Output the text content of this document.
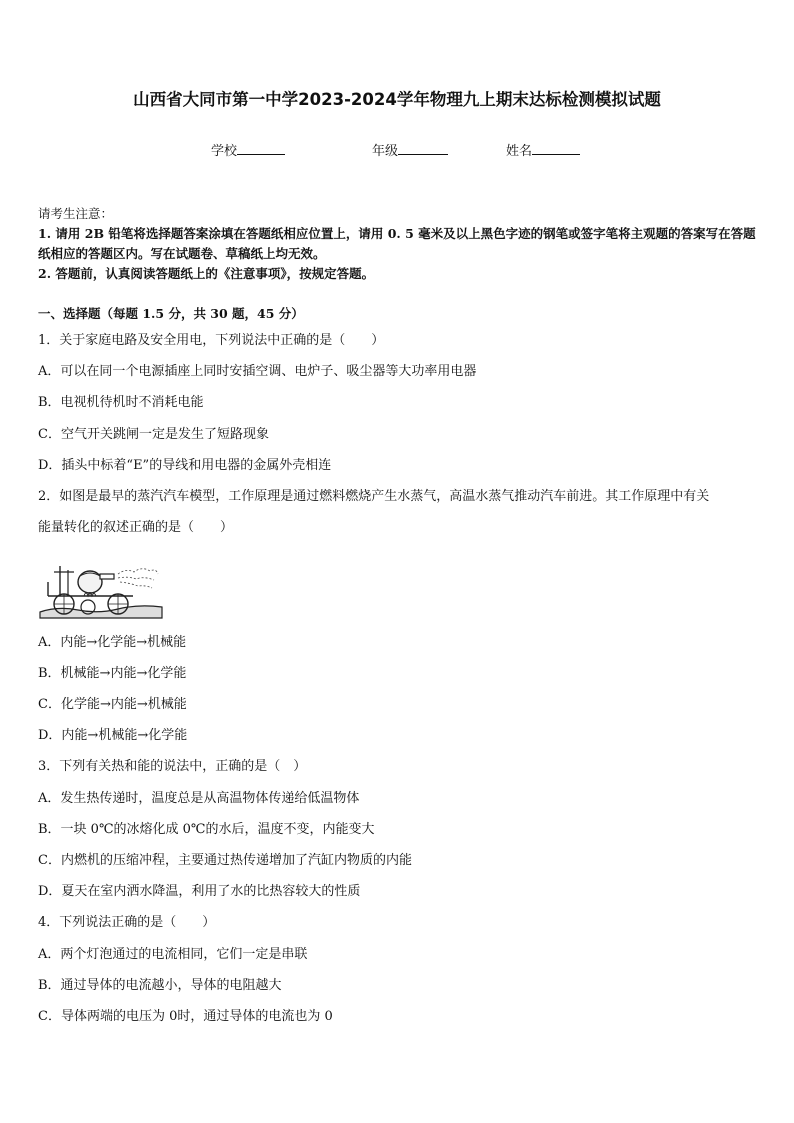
山西省大同市第一中学2023-2024学年物理九上期末达标检测模拟试题
学校	年级	姓名
请考生注意：
1. 请用 2B 铅笔将选择题答案涂填在答题纸相应位置上，请用 0. 5 毫米及以上黑色字迹的钢笔或签字笔将主观题的答案写在答题纸相应的答题区内。写在试题卷、草稿纸上均无效。
2. 答题前，认真阅读答题纸上的《注意事项》，按规定答题。
一、选择题（每题 1.5 分，共 30 题，45 分）
1．关于家庭电路及安全用电，下列说法中正确的是（　　）
A．可以在同一个电源插座上同时安插空调、电炉子、吸尘器等大功率用电器
B．电视机待机时不消耗电能
C．空气开关跳闸一定是发生了短路现象
D．插头中标着“E”的导线和用电器的金属外壳相连
2．如图是最早的蒸汽汽车模型，工作原理是通过燃料燃烧产生水蒸气，高温水蒸气推动汽车前进。其工作原理中有关
能量转化的叙述正确的是（　　）
A．内能→化学能→机械能
B．机械能→内能→化学能
C．化学能→内能→机械能
D．内能→机械能→化学能
3．下列有关热和能的说法中，正确的是（　）
A．发生热传递时，温度总是从高温物体传递给低温物体
B．一块 0℃的冰熔化成 0℃的水后，温度不变，内能变大
C．内燃机的压缩冲程，主要通过热传递增加了汽缸内物质的内能
D．夏天在室内洒水降温，利用了水的比热容较大的性质
4．下列说法正确的是（　　）
A．两个灯泡通过的电流相同，它们一定是串联
B．通过导体的电流越小，导体的电阻越大
C．导体两端的电压为 0时，通过导体的电流也为 0
